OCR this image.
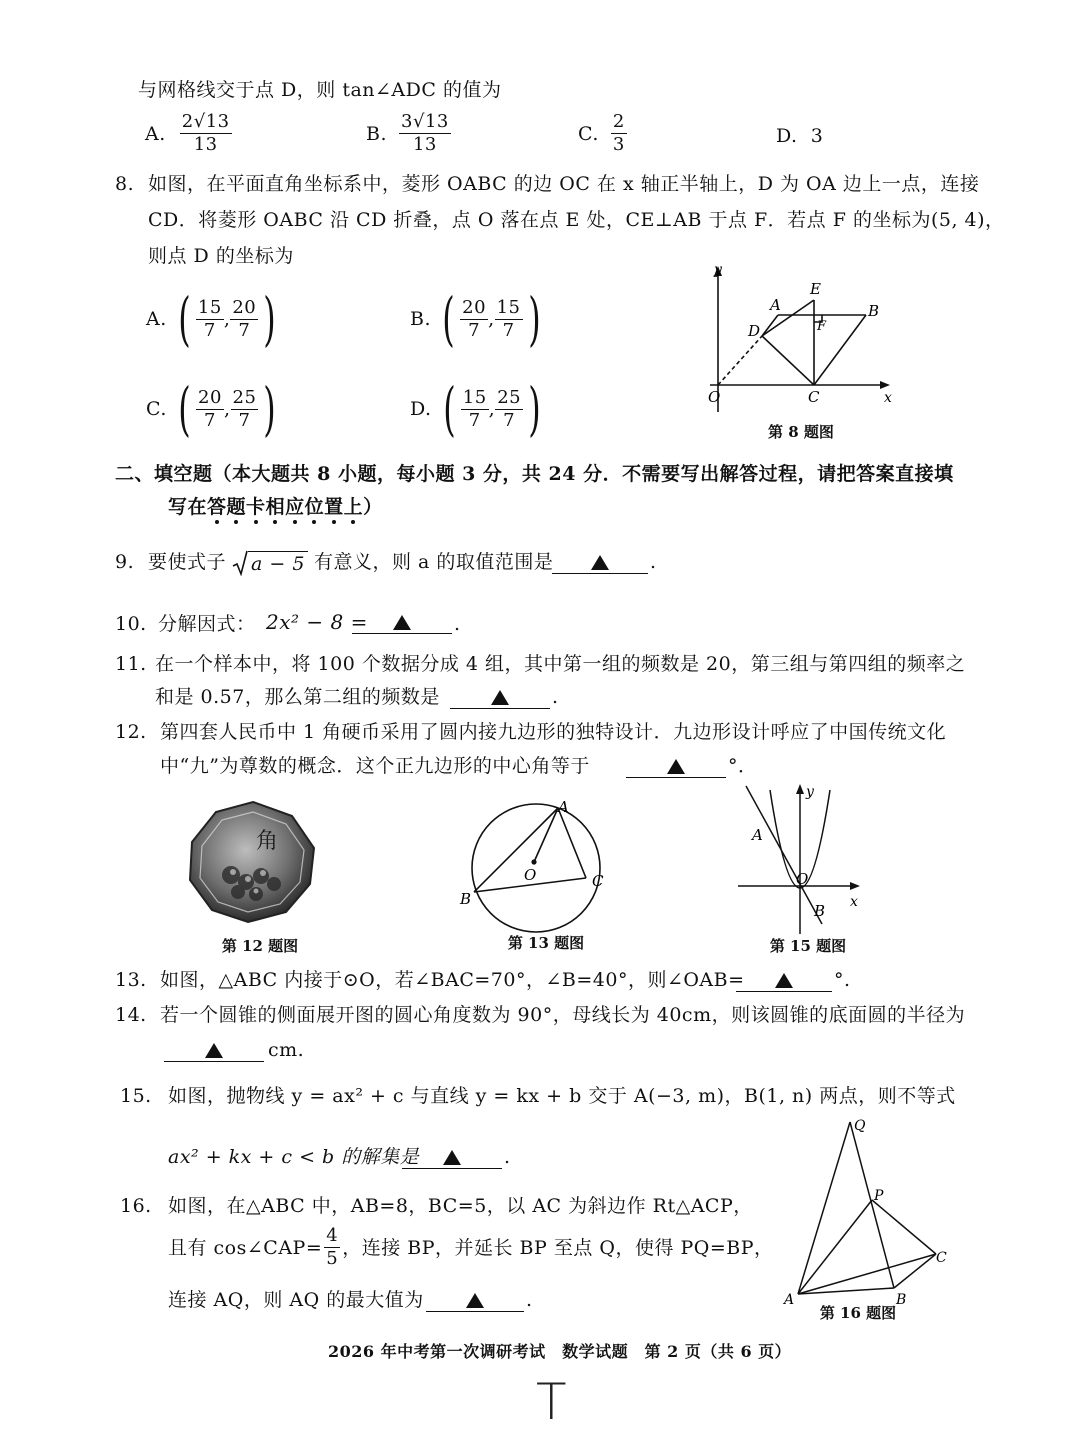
与网格线交于点 D，则 tan∠ADC 的值为
A. $\frac{2√13}{13}$	B. $\frac{3√13}{13}$	C. $\frac{2}{3}$	D. 3
8. 如图，在平面直角坐标系中，菱形 OABC 的边 OC 在 x 轴正半轴上，D 为 OA 边上一点，连接
CD．将菱形 OABC 沿 CD 折叠，点 O 落在点 E 处，CE⊥AB 于点 F．若点 F 的坐标为(5, 4)，
则点 D 的坐标为
A. ( $\frac{15}{7}$ , $\frac{20}{7}$ )	B. ( $\frac{20}{7}$ , $\frac{15}{7}$ )
C. ( $\frac{20}{7}$ , $\frac{25}{7}$ )	D. ( $\frac{15}{7}$ , $\frac{25}{7}$ )
y
x
O
A	B
C
D
E
F
第 8 题图
二、填空题（本大题共 8 小题，每小题 3 分，共 24 分．不需要写出解答过程，请把答案直接填
写在答题卡相应位置上）
9. 要使式子 a − 5 有意义，则 a 的取值范围是	.
10. 分解因式： 2x² − 8 =	.
11. 在一个样本中，将 100 个数据分成 4 组，其中第一组的频数是 20，第三组与第四组的频率之
和是 0.57，那么第二组的频数是	.
12. 第四套人民币中 1 角硬币采用了圆内接九边形的独特设计．九边形设计呼应了中国传统文化
中“九”为尊数的概念．这个正九边形的中心角等于	°．
角
第 12 题图
A
B
C
O
第 13 题图
y
x
O
A
B
第 15 题图
13. 如图，△ABC 内接于⊙O，若∠BAC=70°，∠B=40°，则∠OAB=	°.
14. 若一个圆锥的侧面展开图的圆心角度数为 90°，母线长为 40cm，则该圆锥的底面圆的半径为
cm.
15. 如图，抛物线 y = ax² + c 与直线 y = kx + b 交于 A(−3, m)，B(1, n) 两点，则不等式
ax² + kx + c < b 的解集是	.
16. 如图，在△ABC 中，AB=8，BC=5，以 AC 为斜边作 Rt△ACP，
且有 cos∠CAP= $\frac{4}{5}$ ，连接 BP，并延长 BP 至点 Q，使得 PQ=BP，
连接 AQ，则 AQ 的最大值为	.
Q
P
C
A	B
第 16 题图
2026 年中考第一次调研考试　数学试题　第 2 页（共 6 页）
T
